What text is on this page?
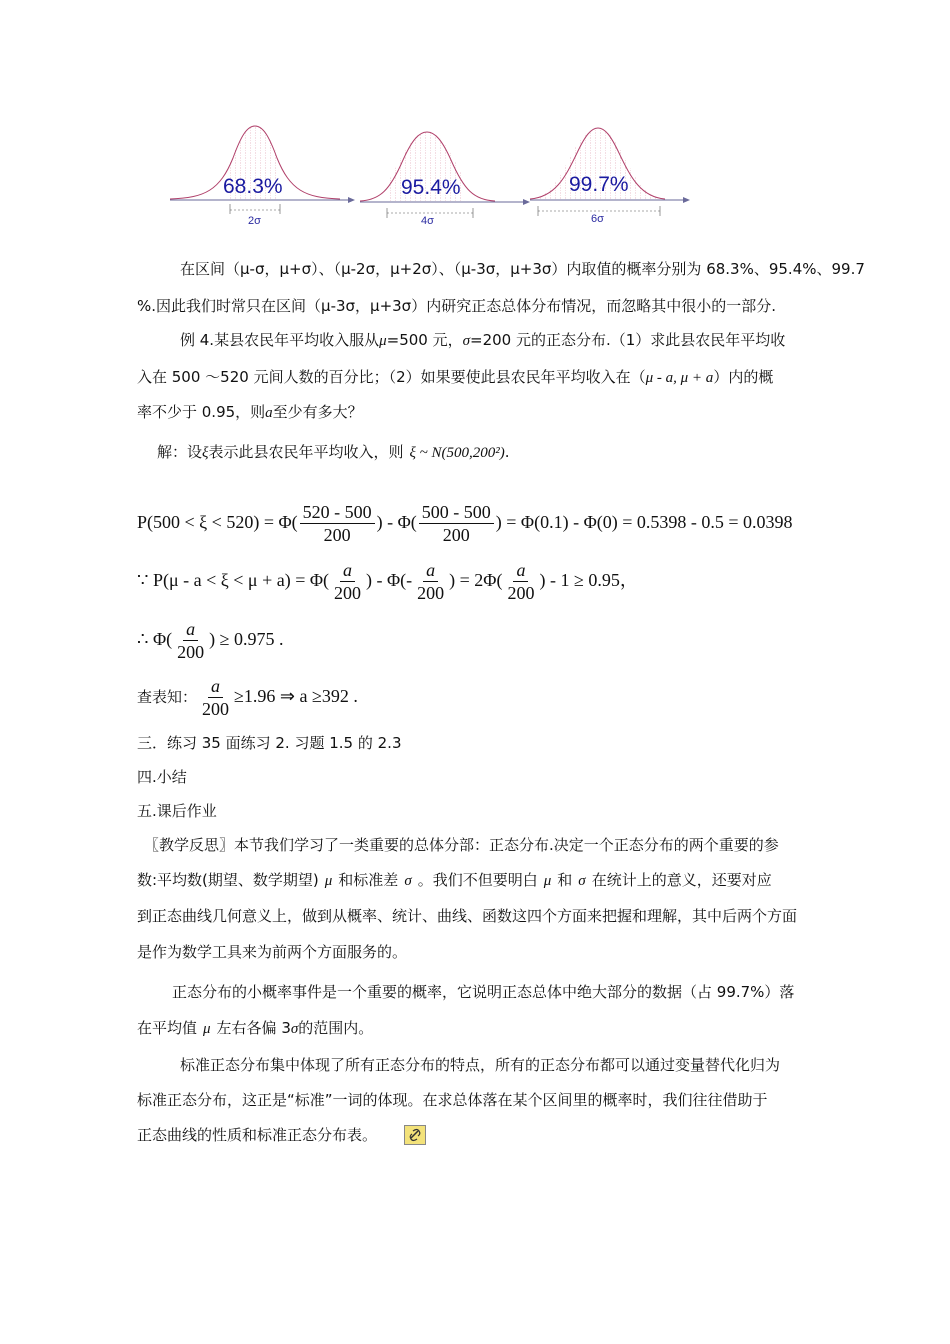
68.3%
2σ
95.4%
4σ
99.7%
6σ
在区间（μ-σ，μ+σ）、（μ-2σ，μ+2σ）、（μ-3σ，μ+3σ）内取值的概率分别为 68.3%、95.4%、99.7
%.因此我们时常只在区间（μ-3σ，μ+3σ）内研究正态总体分布情况，而忽略其中很小的一部分.
例 4.某县农民年平均收入服从μ=500 元，σ=200 元的正态分布.（1）求此县农民年平均收
入在 500 ～520 元间人数的百分比；（2）如果要使此县农民年平均收入在（μ - a, μ + a）内的概
率不少于 0.95，则a至少有多大？
解：设ξ表示此县农民年平均收入，则 ξ ~ N(500,200²).
$P(500 < \xi < 520) = \Phi( \frac{520 - 500}{200}$ ) - $\Phi( \frac{500 - 500}{200}$ ) = Φ(0.1) - Φ(0) = 0.5398 - 0.5 = 0.0398
∵ $P(\mu - a < \xi < \mu + a) = \Phi( \frac{a}{200}$ ) - $\Phi(- \frac{a}{200}$ ) = $2\Phi( \frac{a}{200}$ ) - 1 ≥ 0.95，
∴ $\Phi( \frac{a}{200}$ ) ≥ 0.975 .
查表知： $\frac{a}{200} \ge 1.96$ ⇒ a ≥392 .
三．练习 35 面练习 2. 习题 1.5 的 2.3
四.小结
五.课后作业
〖教学反思〗本节我们学习了一类重要的总体分部：正态分布.决定一个正态分布的两个重要的参
数:平均数(期望、数学期望) μ 和标准差 σ 。我们不但要明白 μ 和 σ 在统计上的意义，还要对应
到正态曲线几何意义上，做到从概率、统计、曲线、函数这四个方面来把握和理解，其中后两个方面
是作为数学工具来为前两个方面服务的。
正态分布的小概率事件是一个重要的概率，它说明正态总体中绝大部分的数据（占 99.7%）落
在平均值 μ 左右各偏 3σ的范围内。
标准正态分布集中体现了所有正态分布的特点，所有的正态分布都可以通过变量替代化归为
标准正态分布，这正是“标准”一词的体现。在求总体落在某个区间里的概率时，我们往往借助于
正态曲线的性质和标准正态分布表。
